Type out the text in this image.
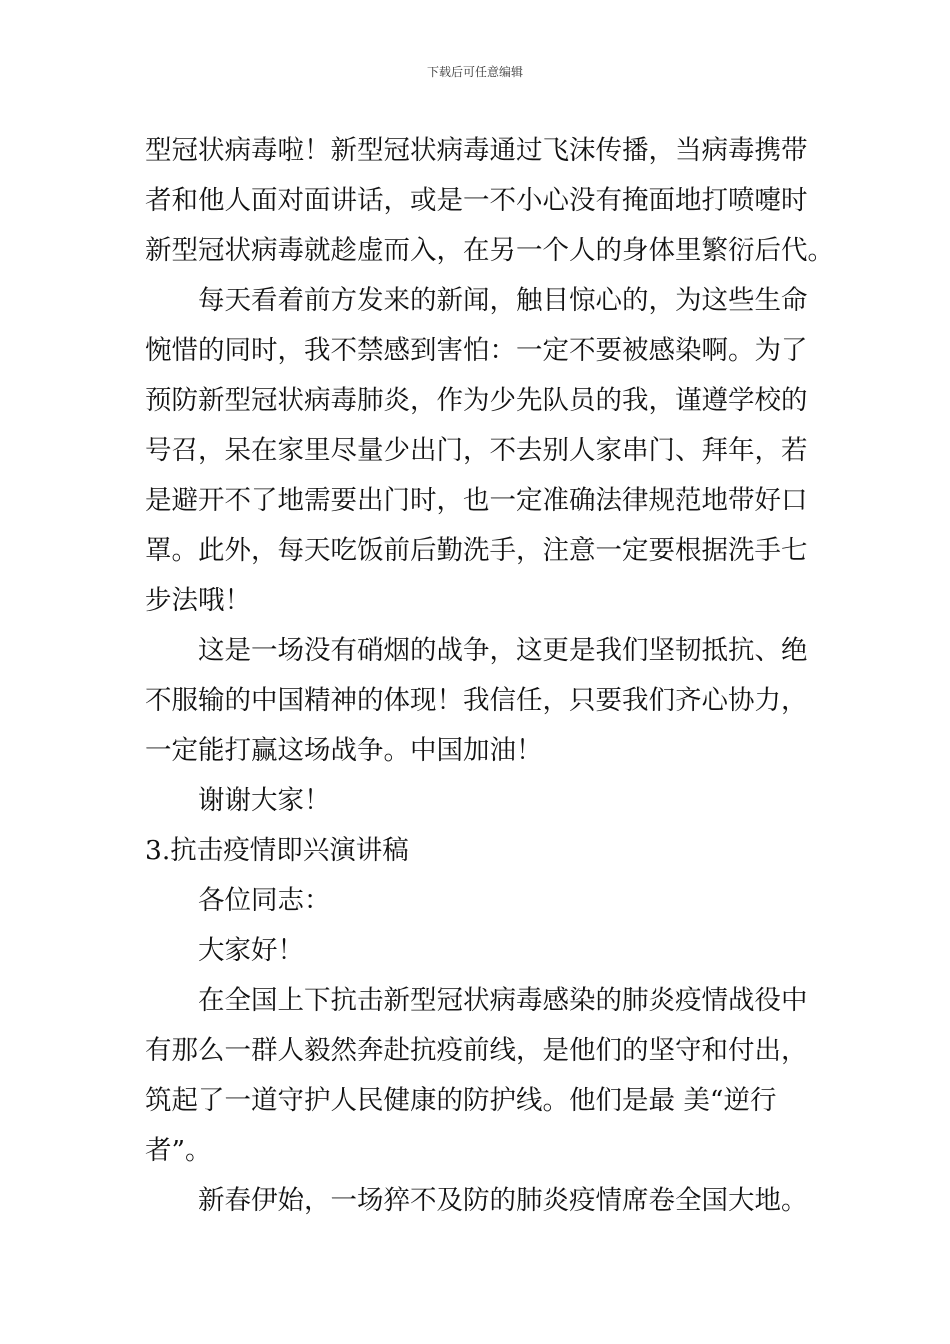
下载后可任意编辑
型冠状病毒啦！新型冠状病毒通过飞沫传播，当病毒携带
者和他人面对面讲话，或是一不小心没有掩面地打喷嚏时
新型冠状病毒就趁虚而入，在另一个人的身体里繁衍后代。
每天看着前方发来的新闻，触目惊心的，为这些生命
惋惜的同时，我不禁感到害怕：一定不要被感染啊。为了
预防新型冠状病毒肺炎，作为少先队员的我，谨遵学校的
号召，呆在家里尽量少出门，不去别人家串门、拜年，若
是避开不了地需要出门时，也一定准确法律规范地带好口
罩。此外，每天吃饭前后勤洗手，注意一定要根据洗手七
步法哦！
这是一场没有硝烟的战争，这更是我们坚韧抵抗、绝
不服输的中国精神的体现！我信任，只要我们齐心协力，
一定能打赢这场战争。中国加油！
谢谢大家！
3.抗击疫情即兴演讲稿
各位同志：
大家好！
在全国上下抗击新型冠状病毒感染的肺炎疫情战役中
有那么一群人毅然奔赴抗疫前线，是他们的坚守和付出，
筑起了一道守护人民健康的防护线。他们是最 美“逆行
者”。
新春伊始，一场猝不及防的肺炎疫情席卷全国大地。
